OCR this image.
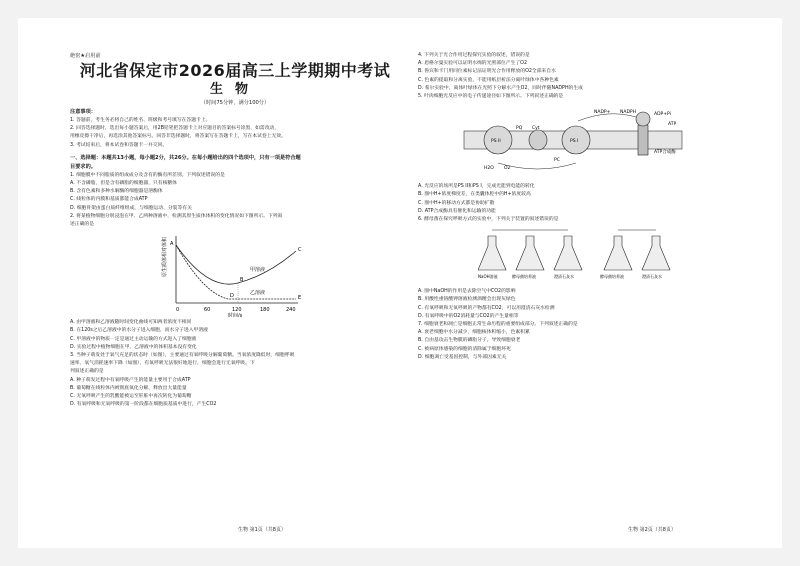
絶密★启用前
河北省保定市2026届高三上学期期中考试
生物
（时间75分钟，满分100分）
注意事项：
1. 答题前，考生务必将自己的姓名、班级和考号填写在答题卡上。
2. 回答选择题时，选出每小题答案后，用2B铅笔把答题卡上对应题目的答案标号涂黑，如需改动，
用橡皮擦干净后，再选涂其他答案标号。回答非选择题时，将答案写在答题卡上，写在本试卷上无效。
3. 考试结束后，将本试卷和答题卡一并交回。
一、选择题：本题共13小题，每小题2分，共26分。在每小题给出的四个选项中，只有一项是符合题
目要求的。
1. 细胞膜中不同脂质的组成成分及含有的酶有所差别。下列叙述错误的是
A. 不含磷脂，但是含有磷脂的细胞器，只有核糖体
B. 含有色素和多种水解酶的细胞器是溶酶体
C. 线粒体的内膜和基质都能合成ATP
D. 细胞骨架由蛋白质纤维组成，与细胞运动、分裂等有关
2. 将某植物细胞分别浸泡在甲、乙两种溶液中，检测其原生质体体积的变化情况如下图所示。下列叙
述正确的是
原生质体相对体积
0	60	120	180	240
时间/s
A
B
C
D	E
甲溶液
乙溶液
A. 由甲溶液和乙溶液随时间变化曲线可知两者浓度不相同
B. 在120s之后乙溶液中的水分子进入细胞，而水分子进入甲溶液
C. 甲溶液中的物质一定是通过主动运输的方式进入了细胞液
D. 实验过程中植物细胞在甲、乙溶液中的体积基本没有变化
3. 当种子萌发处于氧气充足的状态时（如图），主要通过有氧呼吸分解葡萄糖。当氧浓度降低时，细胞呼吸
速率、氧气消耗速率下降（如图），有氧呼吸无法很好地进行，细胞会进行无氧呼吸。下
列叙述正确的是
A. 种子萌发过程中有氧呼吸产生的能量主要用于合成ATP
B. 葡萄糖在线粒体内被彻底氧化分解，释放出大量能量
C. 无氧呼吸产生的乳酸能被运至肝脏中再次转化为葡萄糖
D. 有氧呼吸和无氧呼吸的第一阶段都在细胞质基质中进行，产生CO2
4. 下列关于光合作用过程探究实验的叙述，错误的是
A. 恩格尔曼实验可以证明水绵的光照部位产生了O2
B. 鲁宾和卡门用同位素标记法证明光合作用释放的O2全部来自水
C. 色素的提取和分离实验，不能用纸层析法分离叶绿体中各种色素
D. 希尔实验中，离体叶绿体在光照下分解水产生O2，同时伴随NADPH的生成
5. 叶肉细胞光反应中的电子传递途径如下图所示。下列叙述正确的是
PS II	PS I
ATP合成酶
NADP+ NADPH	ADP+Pi
ATP
H2O O2
PQ
PC
Cyt
A. 光反应的场所是PS II和PS I，完成光能到电能的转化
B. 图中H+浓度梯度差，在类囊体腔中的H+浓度较高
C. 图中H+的移动方式都是协助扩散
D. ATP合成酶具有催化和运输的功能
6. 酵母菌在探究呼吸方式的实验中，下列关于装置的叙述错误的是
NaOH溶液	酵母菌培养液	澄清石灰水	酵母菌培养液	澄清石灰水
A. 图中NaOH的作用是去除空气中CO2的影响
B. 用酸性重铬酸钾溶液检测酒精会出现灰绿色
C. 有氧呼吸和无氧呼吸的产物都有CO2，可以用澄清石灰水检测
D. 有氧呼吸中的O2消耗量与CO2的产生量相等
7. 细胞衰老和凋亡是细胞正常生命历程的重要组成部分。下列叙述正确的是
A. 衰老细胞中水分减少，细胞核体积缩小，色素积累
B. 自由基攻击生物膜的磷脂分子，导致细胞衰老
C. 被病原体感染的细胞的清除属于细胞坏死
D. 细胞凋亡受基因控制，与外部因素无关
生物 第1页（共8页）	生物 第2页（共8页）
